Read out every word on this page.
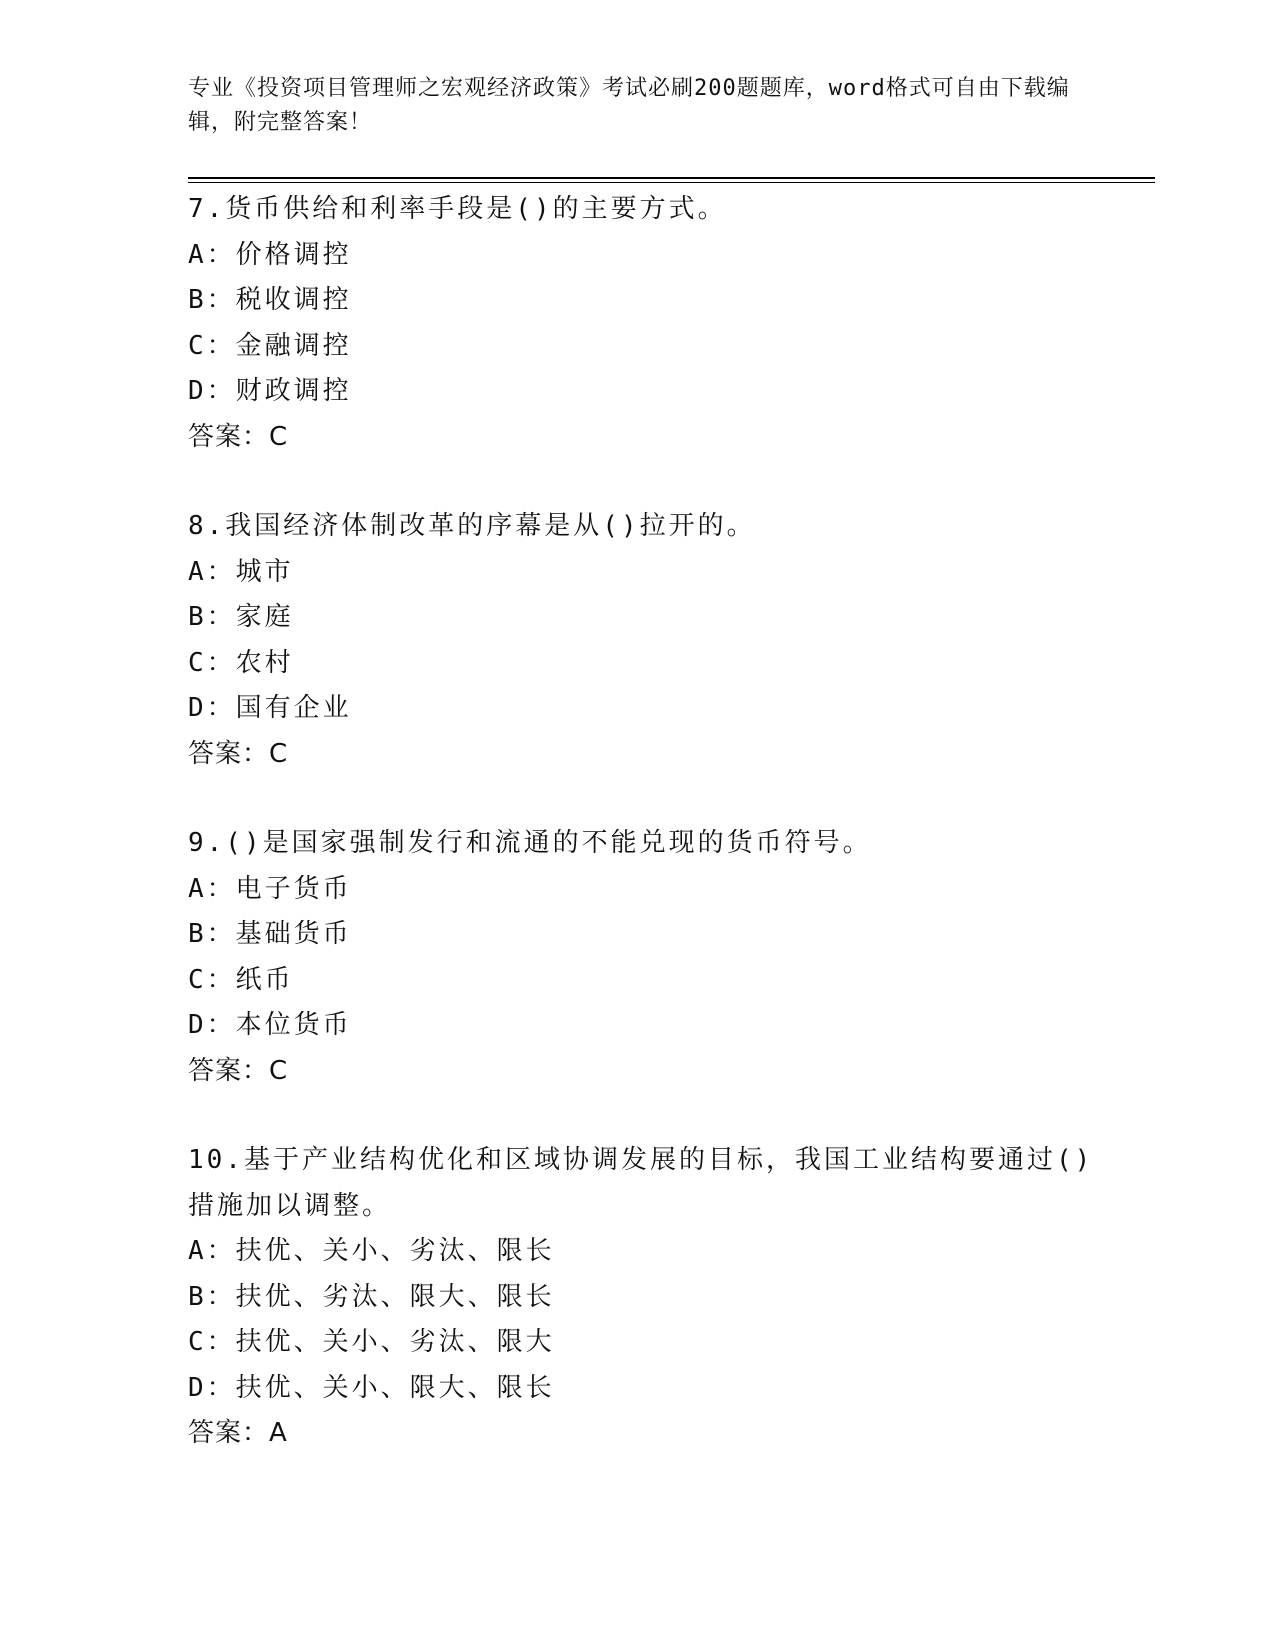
专业《投资项目管理师之宏观经济政策》考试必刷200题题库，word格式可自由下载编辑，附完整答案！
7.货币供给和利率手段是()的主要方式。
A：价格调控
B：税收调控
C：金融调控
D：财政调控
答案：C
8.我国经济体制改革的序幕是从()拉开的。
A：城市
B：家庭
C：农村
D：国有企业
答案：C
9.()是国家强制发行和流通的不能兑现的货币符号。
A：电子货币
B：基础货币
C：纸币
D：本位货币
答案：C
10.基于产业结构优化和区域协调发展的目标，我国工业结构要通过()措施加以调整。
A：扶优、关小、劣汰、限长
B：扶优、劣汰、限大、限长
C：扶优、关小、劣汰、限大
D：扶优、关小、限大、限长
答案：A
